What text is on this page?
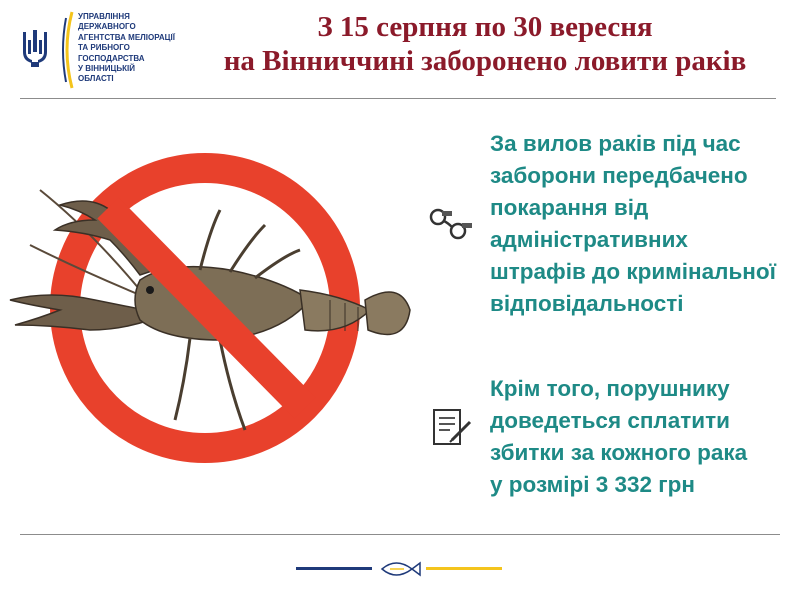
УПРАВЛІННЯ
ДЕРЖАВНОГО
АГЕНТСТВА МЕЛІОРАЦІЇ
ТА РИБНОГО
ГОСПОДАРСТВА
У ВІННИЦЬКІЙ
ОБЛАСТІ
З 15 серпня по 30 вересня
на Вінниччині заборонено ловити раків
За вилов раків під час
заборони передбачено
покарання від
адміністративних
штрафів до кримінальної
відповідальності
Крім того, порушнику
доведеться сплатити
збитки за кожного рака
у розмірі 3 332 грн
